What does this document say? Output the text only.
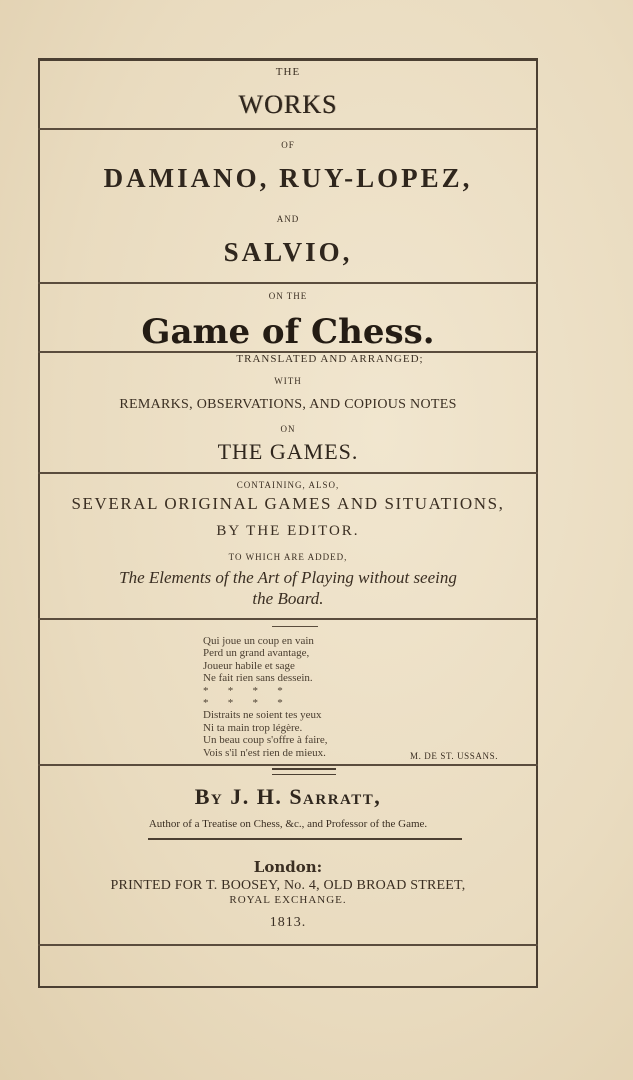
THE
WORKS
OF
DAMIANO, RUY-LOPEZ,
AND
SALVIO,
ON THE
Game of Chess.
TRANSLATED AND ARRANGED;
WITH
REMARKS, OBSERVATIONS, AND COPIOUS NOTES
ON
THE GAMES.
CONTAINING, ALSO,
SEVERAL ORIGINAL GAMES AND SITUATIONS,
BY THE EDITOR.
TO WHICH ARE ADDED,
The Elements of the Art of Playing without seeing
the Board.
Qui joue un coup en vain
Perd un grand avantage,
Joueur habile et sage
Ne fait rien sans dessein.
*       *       *       *
*       *       *       *
Distraits ne soient tes yeux
Ni ta main trop légère.
Un beau coup s'offre à faire,
Vois s'il n'est rien de mieux.	M. DE ST. USSANS.
By J. H. Sarratt,
Author of a Treatise on Chess, &c., and Professor of the Game.
London:
PRINTED FOR T. BOOSEY, No. 4, OLD BROAD STREET,
ROYAL EXCHANGE.
1813.
